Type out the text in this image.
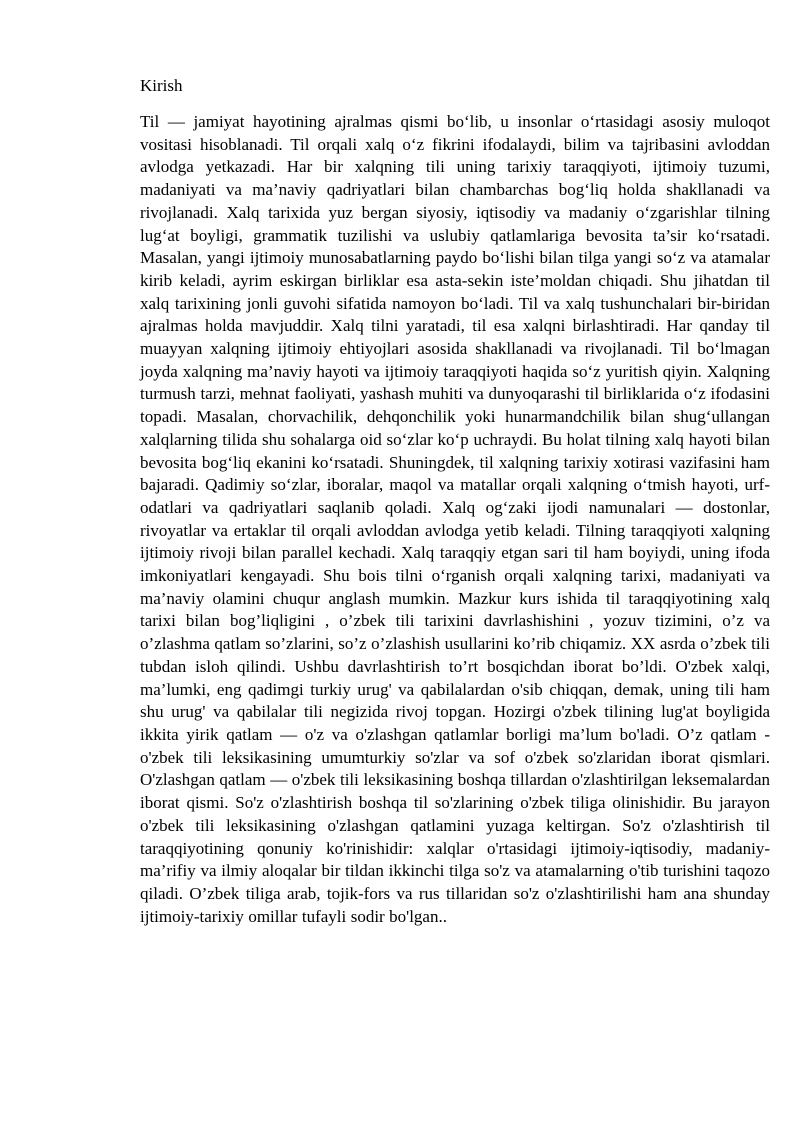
Kirish

Til — jamiyat hayotining ajralmas qismi bo‘lib, u insonlar o‘rtasidagi asosiy muloqot vositasi hisoblanadi. Til orqali xalq o‘z fikrini ifodalaydi, bilim va tajribasini avloddan avlodga yetkazadi. Har bir xalqning tili uning tarixiy taraqqiyoti, ijtimoiy tuzumi, madaniyati va ma’naviy qadriyatlari bilan chambarchas bog‘liq holda shakllanadi va rivojlanadi. Xalq tarixida yuz bergan siyosiy, iqtisodiy va madaniy o‘zgarishlar tilning lug‘at boyligi, grammatik tuzilishi va uslubiy qatlamlariga bevosita ta’sir ko‘rsatadi. Masalan, yangi ijtimoiy munosabatlarning paydo bo‘lishi bilan tilga yangi so‘z va atamalar kirib keladi, ayrim eskirgan birliklar esa asta-sekin iste’moldan chiqadi. Shu jihatdan til xalq tarixining jonli guvohi sifatida namoyon bo‘ladi. Til va xalq tushunchalari bir-biridan ajralmas holda mavjuddir. Xalq tilni yaratadi, til esa xalqni birlashtiradi. Har qanday til muayyan xalqning ijtimoiy ehtiyojlari asosida shakllanadi va rivojlanadi. Til bo‘lmagan joyda xalqning ma’naviy hayoti va ijtimoiy taraqqiyoti haqida so‘z yuritish qiyin. Xalqning turmush tarzi, mehnat faoliyati, yashash muhiti va dunyoqarashi til birliklarida o‘z ifodasini topadi. Masalan, chorvachilik, dehqonchilik yoki hunarmandchilik bilan shug‘ullangan xalqlarning tilida shu sohalarga oid so‘zlar ko‘p uchraydi. Bu holat tilning xalq hayoti bilan bevosita bog‘liq ekanini ko‘rsatadi. Shuningdek, til xalqning tarixiy xotirasi vazifasini ham bajaradi. Qadimiy so‘zlar, iboralar, maqol va matallar orqali xalqning o‘tmish hayoti, urf-odatlari va qadriyatlari saqlanib qoladi. Xalq og‘zaki ijodi namunalari — dostonlar, rivoyatlar va ertaklar til orqali avloddan avlodga yetib keladi. Tilning taraqqiyoti xalqning ijtimoiy rivoji bilan parallel kechadi. Xalq taraqqiy etgan sari til ham boyiydi, uning ifoda imkoniyatlari kengayadi. Shu bois tilni o‘rganish orqali xalqning tarixi, madaniyati va ma’naviy olamini chuqur anglash mumkin. Mazkur kurs ishida til taraqqiyotining xalq tarixi bilan bog’liqligini , o’zbek tili tarixini davrlashishini , yozuv tizimini, o’z va o’zlashma qatlam so’zlarini, so’z o’zlashish usullarini ko’rib chiqamiz. XX asrda o’zbek tili tubdan isloh qilindi. Ushbu davrlashtirish to’rt bosqichdan iborat bo’ldi. O'zbek xalqi, ma’lumki, eng qadimgi turkiy urug' va qabilalardan o'sib chiqqan, demak, uning tili ham shu urug' va qabilalar tili negizida rivoj topgan. Hozirgi o'zbek tilining lug'at boyligida ikkita yirik qatlam — o'z va o'zlashgan qatlamlar borligi ma’lum bo'ladi. O’z qatlam - o'zbek tili leksikasining umumturkiy so'zlar va sof o'zbek so'zlaridan iborat qismlari. O'zlashgan qatlam — o'zbek tili leksikasining boshqa tillardan o'zlashtirilgan leksemalardan iborat qismi. So'z o'zlashtirish boshqa til so'zlarining o'zbek tiliga olinishidir. Bu jarayon o'zbek tili leksikasining o'zlashgan qatlamini yuzaga keltirgan. So'z o'zlashtirish til taraqqiyotining qonuniy ko'rinishidir: xalqlar o'rtasidagi ijtimoiy-iqtisodiy, madaniy-ma’rifiy va ilmiy aloqalar bir tildan ikkinchi tilga so'z va atamalarning o'tib turishini taqozo qiladi. O’zbek tiliga arab, tojik-fors va rus tillaridan so'z o'zlashtirilishi ham ana shunday ijtimoiy-tarixiy omillar tufayli sodir bo'lgan..
